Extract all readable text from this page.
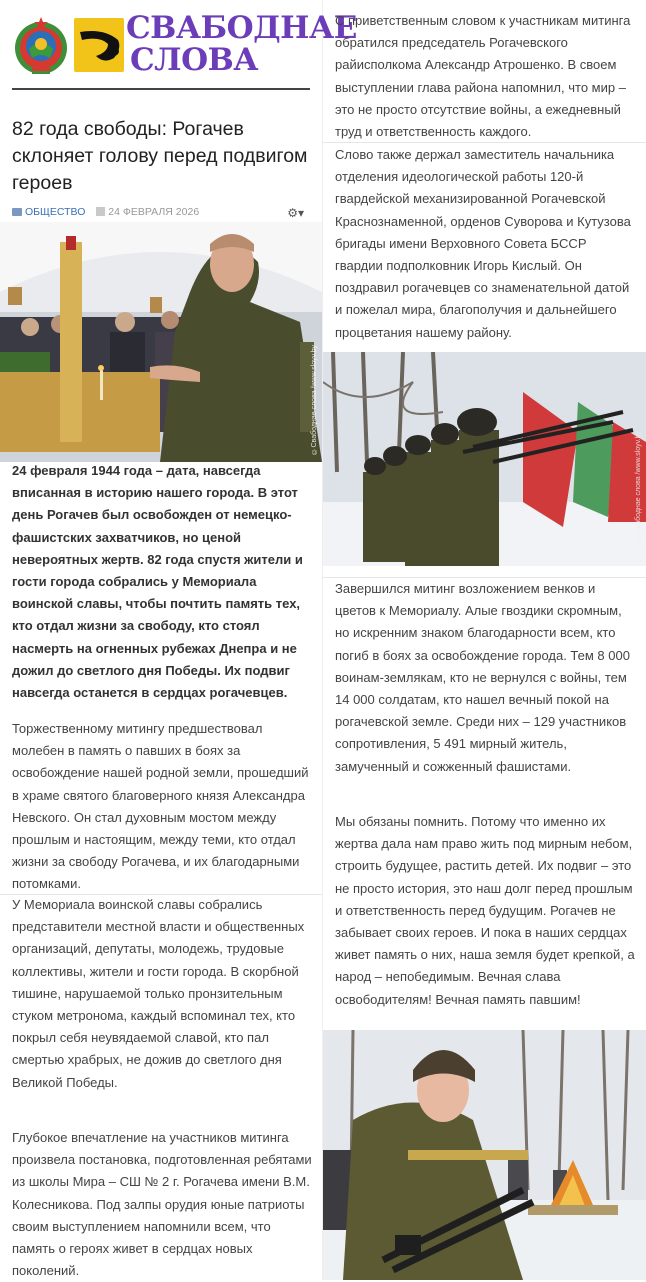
СВАБОДНАЕ
СЛОВА
82 года свободы: Рогачев склоняет голову перед подвигом героев
ОБЩЕСТВО 24 ФЕВРАЛЯ 2026	⚙▾
©Свабоднае слова /www.sloyv.by

24 февраля 1944 года – дата, навсегда вписанная в историю нашего города. В этот день Рогачев был освобожден от немецко-фашистских захватчиков, но ценой невероятных жертв. 82 года спустя жители и гости города собрались у Мемориала воинской славы, чтобы почтить память тех, кто отдал жизни за свободу, кто стоял насмерть на огненных рубежах Днепра и не дожил до светлого дня Победы. Их подвиг навсегда останется в сердцах рогачевцев.

Торжественному митингу предшествовал молебен в память о павших в боях за освобождение нашей родной земли, прошедший в храме святого благоверного князя Александра Невского. Он стал духовным мостом между прошлым и настоящим, между теми, кто отдал жизни за свободу Рогачева, и их благодарными потомками.

У Мемориала воинской славы собрались представители местной власти и общественных организаций, депутаты, молодежь, трудовые коллективы, жители и гости города. В скорбной тишине, нарушаемой только пронзительным стуком метронома, каждый вспоминал тех, кто покрыл себя неувядаемой славой, кто пал смертью храбрых, не дожив до светлого дня Великой Победы.

Глубокое впечатление на участников митинга произвела постановка, подготовленная ребятами из школы Мира – СШ № 2 г. Рогачева имени В.М. Колесникова. Под залпы орудия юные патриоты своим выступлением напомнили всем, что память о героях живет в сердцах новых поколений.

С приветственным словом к участникам митинга обратился председатель Рогачевского райисполкома Александр Атрошенко. В своем выступлении глава района напомнил, что мир – это не просто отсутствие войны, а ежедневный труд и ответственность каждого.

Слово также держал заместитель начальника отделения идеологической работы 120-й гвардейской механизированной Рогачевской Краснознаменной, орденов Суворова и Кутузова бригады имени Верховного Совета БССР гвардии подполковник Игорь Кислый. Он поздравил рогачевцев со знаменательной датой и пожелал мира, благополучия и дальнейшего процветания нашему району.

©Свабоднае слова /www.sloyv.by

Завершился митинг возложением венков и цветов к Мемориалу. Алые гвоздики скромным, но искренним знаком благодарности всем, кто погиб в боях за освобождение города. Тем 8 000 воинам-землякам, кто не вернулся с войны, тем 14 000 солдатам, кто нашел вечный покой на рогачевской земле. Среди них – 129 участников сопротивления, 5 491 мирный житель, замученный и сожженный фашистами.

Мы обязаны помнить. Потому что именно их жертва дала нам право жить под мирным небом, строить будущее, растить детей. Их подвиг – это не просто история, это наш долг перед прошлым и ответственность перед будущим. Рогачев не забывает своих героев. И пока в наших сердцах живет память о них, наша земля будет крепкой, а народ – непобедимым. Вечная слава освободителям! Вечная память павшим!
